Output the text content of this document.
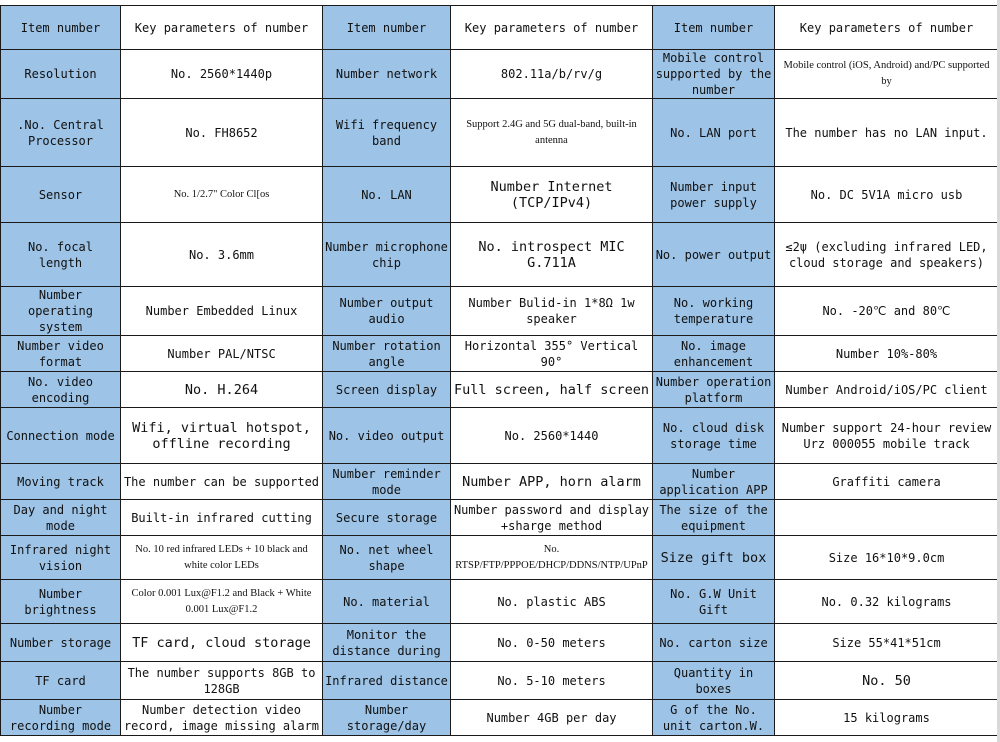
Item number	Key parameters of number	Item number	Key parameters of number	Item number	Key parameters of number
Resolution	No. 2560*1440p	Number network	802.11a/b/rv/g	Mobile control supported by the number	Mobile control (iOS, Android) and/PC supported by
.No. Central Processor	No. FH8652	Wifi frequency band	Support 2.4G and 5G dual-band, built-in antenna	No. LAN port	The number has no LAN input.
Sensor	No. 1/2.7" Color Cl[os	No. LAN	Number Internet (TCP/IPv4)	Number input power supply	No. DC 5V1A micro usb
No. focal length	No. 3.6mm	Number microphone chip	No. introspect MIC G.711A	No. power output	≤2ψ (excluding infrared LED, cloud storage and speakers)
Number operating system	Number Embedded Linux	Number output audio	Number Bulid-in 1*8Ω 1w speaker	No. working temperature	No. -20℃ and 80℃
Number video format	Number PAL/NTSC	Number rotation angle	Horizontal 355° Vertical 90°	No. image enhancement	Number 10%-80%
No. video encoding	No. H.264	Screen display	Full screen, half screen	Number operation platform	Number Android/iOS/PC client
Connection mode	Wifi, virtual hotspot, offline recording	No. video output	No. 2560*1440	No. cloud disk storage time	Number support 24-hour review Urz 000055 mobile track
Moving track	The number can be supported	Number reminder mode	Number APP, horn alarm	Number application APP	Graffiti camera
Day and night mode	Built-in infrared cutting	Secure storage	Number password and display +sharge method	The size of the equipment	
Infrared night vision	No. 10 red infrared LEDs + 10 black and white color LEDs	No. net wheel shape	No. RTSP/FTP/PPPOE/DHCP/DDNS/NTP/UPnP	Size gift box	Size 16*10*9.0cm
Number brightness	Color 0.001 Lux@F1.2 and Black + White 0.001 Lux@F1.2	No. material	No. plastic ABS	No. G.W Unit Gift	No. 0.32 kilograms
Number storage	TF card, cloud storage	Monitor the distance during	No. 0-50 meters	No. carton size	Size 55*41*51cm
TF card	The number supports 8GB to 128GB	Infrared distance	No. 5-10 meters	Quantity in boxes	No. 50
Number recording mode	Number detection video record, image missing alarm	Number storage/day	Number 4GB per day	G of the No. unit carton.W.	15 kilograms
